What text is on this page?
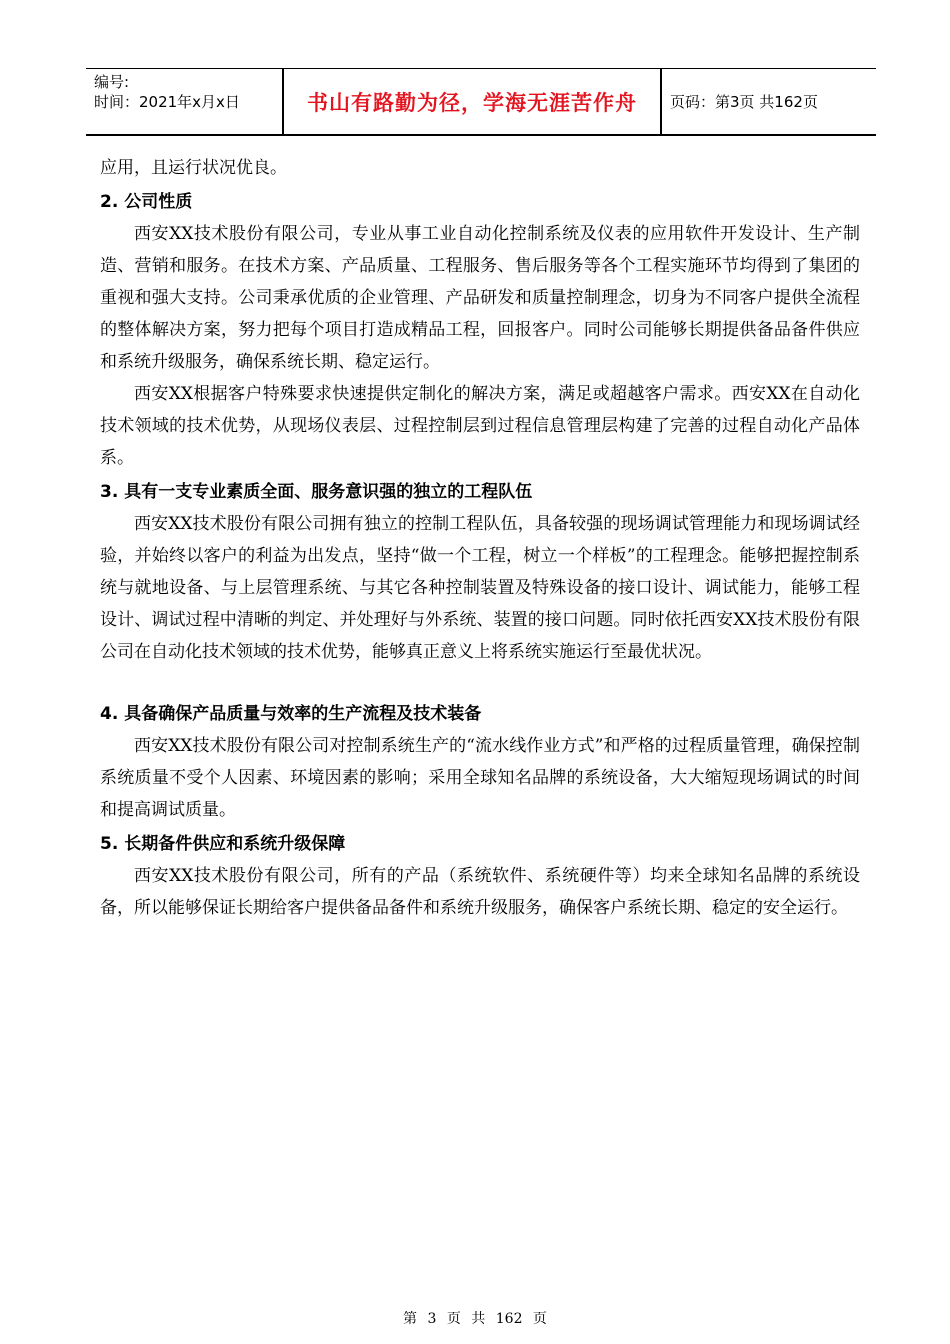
编号:
时间：2021年x月x日	书山有路勤为径，学海无涯苦作舟	页码：第3页 共162页

应用，且运行状况优良。

2. 公司性质

西安XX技术股份有限公司，专业从事工业自动化控制系统及仪表的应用软件开发设计、生产制造、营销和服务。在技术方案、产品质量、工程服务、售后服务等各个工程实施环节均得到了集团的重视和强大支持。公司秉承优质的企业管理、产品研发和质量控制理念，切身为不同客户提供全流程的整体解决方案，努力把每个项目打造成精品工程，回报客户。同时公司能够长期提供备品备件供应和系统升级服务，确保系统长期、稳定运行。

西安XX根据客户特殊要求快速提供定制化的解决方案，满足或超越客户需求。西安XX在自动化技术领域的技术优势，从现场仪表层、过程控制层到过程信息管理层构建了完善的过程自动化产品体系。

3. 具有一支专业素质全面、服务意识强的独立的工程队伍

西安XX技术股份有限公司拥有独立的控制工程队伍，具备较强的现场调试管理能力和现场调试经验，并始终以客户的利益为出发点，坚持“做一个工程，树立一个样板”的工程理念。能够把握控制系统与就地设备、与上层管理系统、与其它各种控制装置及特殊设备的接口设计、调试能力，能够工程设计、调试过程中清晰的判定、并处理好与外系统、装置的接口问题。同时依托西安XX技术股份有限公司在自动化技术领域的技术优势，能够真正意义上将系统实施运行至最优状况。

4. 具备确保产品质量与效率的生产流程及技术装备

西安XX技术股份有限公司对控制系统生产的“流水线作业方式”和严格的过程质量管理，确保控制系统质量不受个人因素、环境因素的影响；采用全球知名品牌的系统设备，大大缩短现场调试的时间和提高调试质量。

5. 长期备件供应和系统升级保障

西安XX技术股份有限公司，所有的产品（系统软件、系统硬件等）均来全球知名品牌的系统设备，所以能够保证长期给客户提供备品备件和系统升级服务，确保客户系统长期、稳定的安全运行。

第 3 页 共 162 页
